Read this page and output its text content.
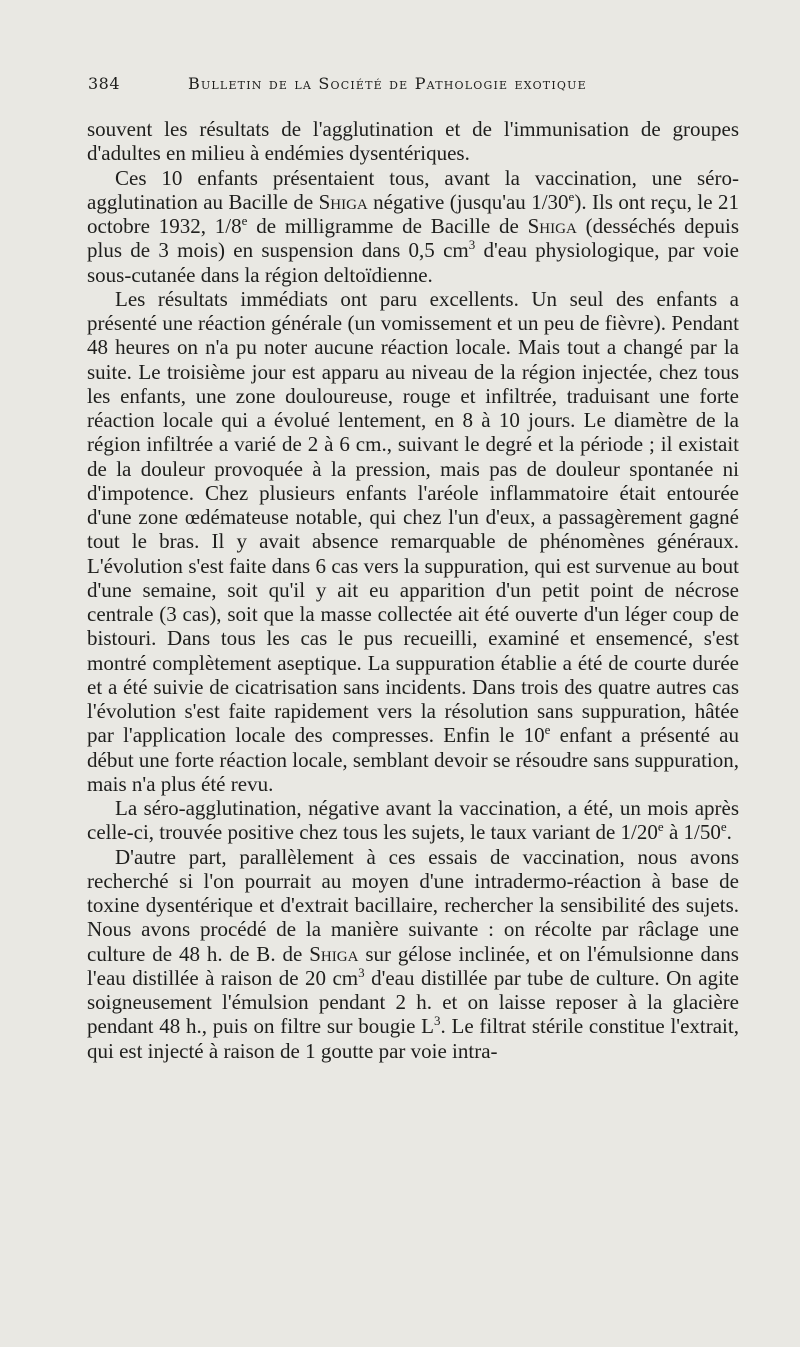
384	Bulletin de la Société de Pathologie exotique

souvent les résultats de l'agglutination et de l'immunisation de groupes d'adultes en milieu à endémies dysentériques.

Ces 10 enfants présentaient tous, avant la vaccination, une séro-agglutination au Bacille de Shiga négative (jusqu'au 1/30e). Ils ont reçu, le 21 octobre 1932, 1/8e de milligramme de Bacille de Shiga (desséchés depuis plus de 3 mois) en suspension dans 0,5 $cm^3$ d'eau physiologique, par voie sous-cutanée dans la région deltoïdienne.

Les résultats immédiats ont paru excellents. Un seul des enfants a présenté une réaction générale (un vomissement et un peu de fièvre). Pendant 48 heures on n'a pu noter aucune réaction locale. Mais tout a changé par la suite. Le troisième jour est apparu au niveau de la région injectée, chez tous les enfants, une zone douloureuse, rouge et infiltrée, traduisant une forte réaction locale qui a évolué lentement, en 8 à 10 jours. Le diamètre de la région infiltrée a varié de 2 à 6 cm., suivant le degré et la période ; il existait de la douleur provoquée à la pression, mais pas de douleur spontanée ni d'impotence. Chez plusieurs enfants l'aréole inflammatoire était entourée d'une zone œdémateuse notable, qui chez l'un d'eux, a passagèrement gagné tout le bras. Il y avait absence remarquable de phénomènes généraux. L'évolution s'est faite dans 6 cas vers la suppuration, qui est survenue au bout d'une semaine, soit qu'il y ait eu apparition d'un petit point de nécrose centrale (3 cas), soit que la masse collectée ait été ouverte d'un léger coup de bistouri. Dans tous les cas le pus recueilli, examiné et ensemencé, s'est montré complètement aseptique. La suppuration établie a été de courte durée et a été suivie de cicatrisation sans incidents. Dans trois des quatre autres cas l'évolution s'est faite rapidement vers la résolution sans suppuration, hâtée par l'application locale des compresses. Enfin le 10e enfant a présenté au début une forte réaction locale, semblant devoir se résoudre sans suppuration, mais n'a plus été revu.

La séro-agglutination, négative avant la vaccination, a été, un mois après celle-ci, trouvée positive chez tous les sujets, le taux variant de 1/20e à 1/50e.

D'autre part, parallèlement à ces essais de vaccination, nous avons recherché si l'on pourrait au moyen d'une intradermo-réaction à base de toxine dysentérique et d'extrait bacillaire, rechercher la sensibilité des sujets. Nous avons procédé de la manière suivante : on récolte par râclage une culture de 48 h. de B. de Shiga sur gélose inclinée, et on l'émulsionne dans l'eau distillée à raison de 20 $cm^3$ d'eau distillée par tube de culture. On agite soigneusement l'émulsion pendant 2 h. et on laisse reposer à la glacière pendant 48 h., puis on filtre sur bougie $L^3$. Le filtrat stérile constitue l'extrait, qui est injecté à raison de 1 goutte par voie intra-
